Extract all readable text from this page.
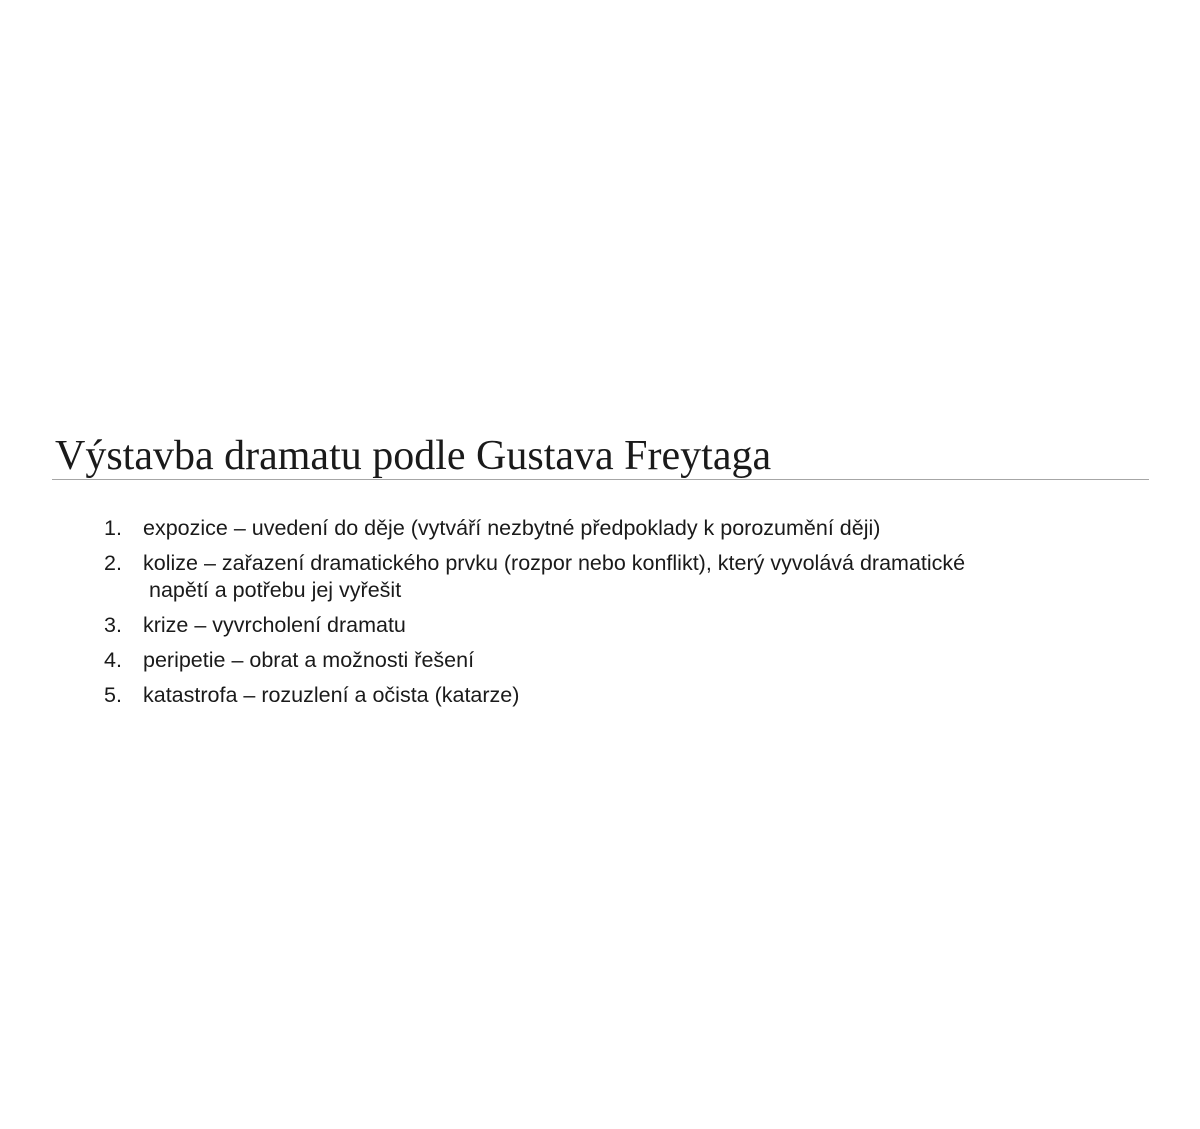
Výstavba dramatu podle Gustava Freytaga
1. expozice – uvedení do děje (vytváří nezbytné předpoklady k porozumění ději)
2. kolize – zařazení dramatického prvku (rozpor nebo konflikt), který vyvolává dramatické
napětí a potřebu jej vyřešit
3. krize – vyvrcholení dramatu
4. peripetie – obrat a možnosti řešení
5. katastrofa – rozuzlení a očista (katarze)
